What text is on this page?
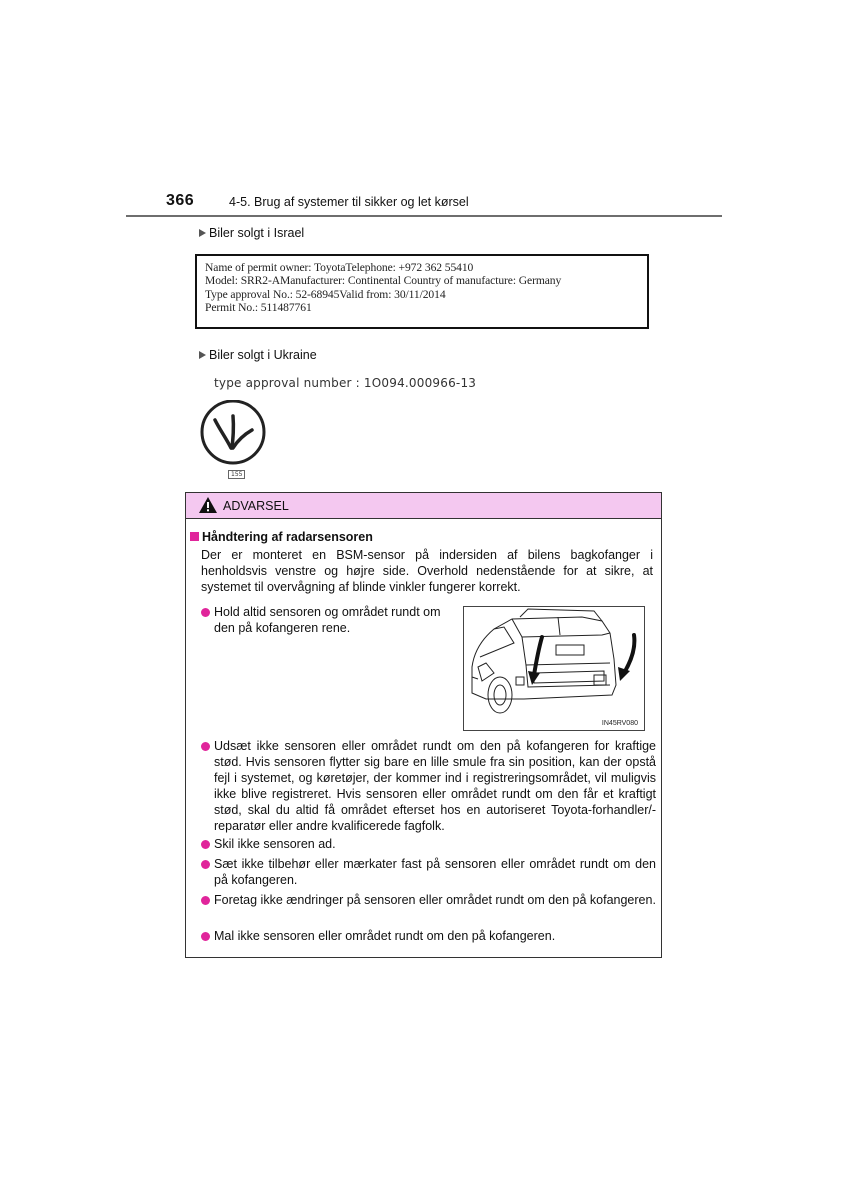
366	4-5. Brug af systemer til sikker og let kørsel
Biler solgt i Israel
Name of permit owner: ToyotaTelephone: +972 362 55410
Model: SRR2-AManufacturer: Continental Country of manufacture: Germany
Type approval No.: 52-68945Valid from: 30/11/2014
Permit No.: 511487761
Biler solgt i Ukraine
type approval number : 1O094.000966-13
155
ADVARSEL
Håndtering af radarsensoren
Der er monteret en BSM-sensor på indersiden af bilens bagkofanger i henholdsvis venstre og højre side. Overhold nedenstående for at sikre, at systemet til overvågning af blinde vinkler fungerer korrekt.
Hold altid sensoren og området rundt om den på kofangeren rene.
IN45RV080
Udsæt ikke sensoren eller området rundt om den på kofangeren for kraftige stød. Hvis sensoren flytter sig bare en lille smule fra sin position, kan der opstå fejl i systemet, og køretøjer, der kommer ind i registreringsområdet, vil muligvis ikke blive registreret. Hvis sensoren eller området rundt om den får et kraftigt stød, skal du altid få området efterset hos en autoriseret Toyota-forhandler/-reparatør eller andre kvalificerede fagfolk.
Skil ikke sensoren ad.
Sæt ikke tilbehør eller mærkater fast på sensoren eller området rundt om den på kofangeren.
Foretag ikke ændringer på sensoren eller området rundt om den på kofangeren.
Mal ikke sensoren eller området rundt om den på kofangeren.
